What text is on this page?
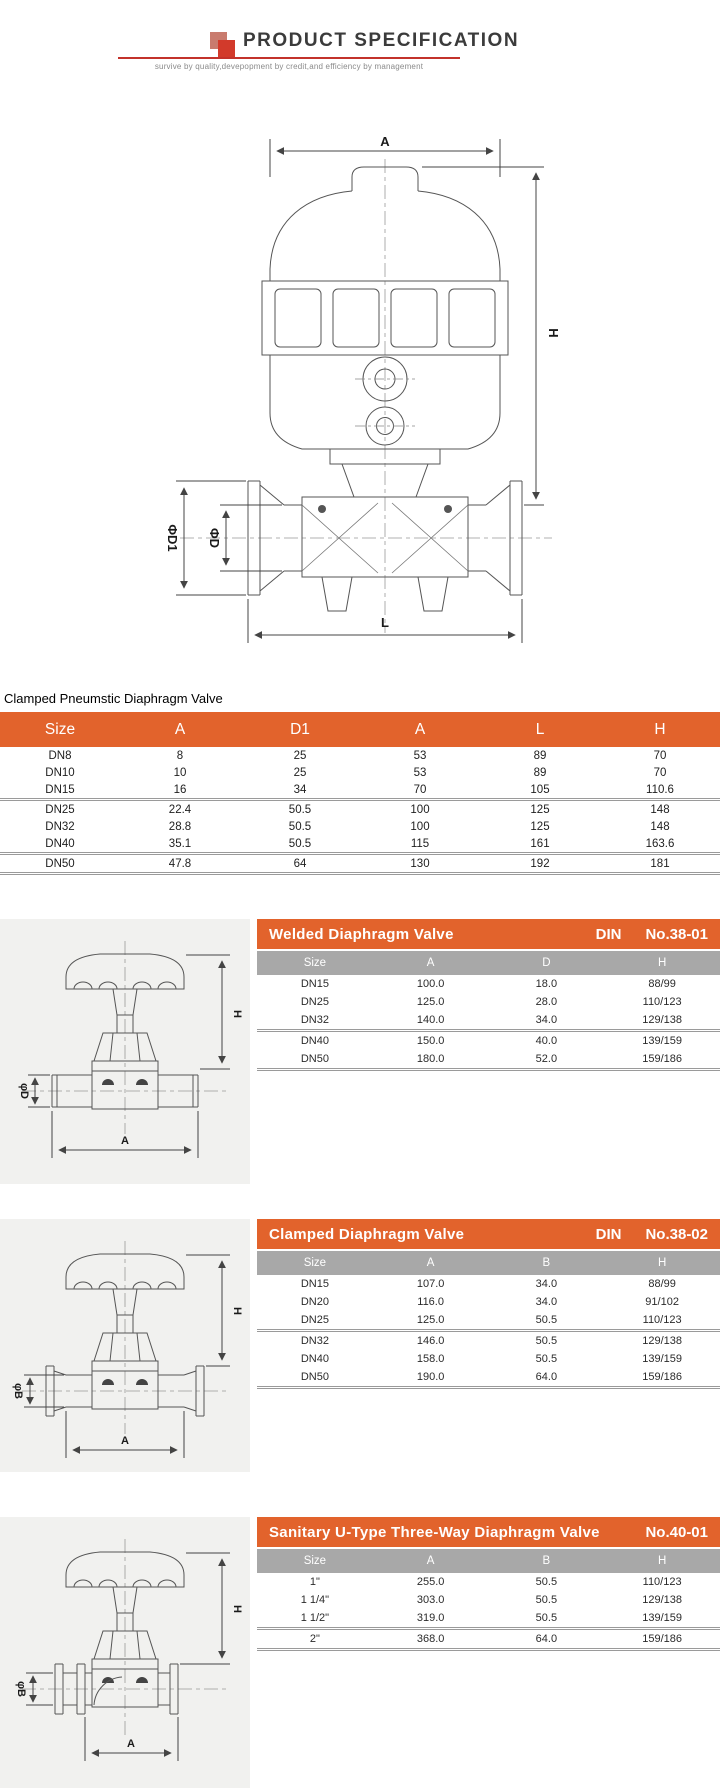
PRODUCT SPECIFICATION
survive by quality,devepopment by credit,and efficiency by management
A
H
ΦD1 ΦD
L
Clamped Pneumstic Diaphragm Valve
Size	A	D1	A	L	H
DN8	8	25	53	89	70
DN10	10	25	53	89	70
DN15	16	34	70	105	110.6
DN25	22.4	50.5	100	125	148
DN32	28.8	50.5	100	125	148
DN40	35.1	50.5	115	161	163.6
DN50	47.8	64	130	192	181
φD
H
A
Welded Diaphragm Valve	DIN No.38-01
Size	A	D	H
DN15	100.0	18.0	88/99
DN25	125.0	28.0	110/123
DN32	140.0	34.0	129/138
DN40	150.0	40.0	139/159
DN50	180.0	52.0	159/186
φB
H
A
Clamped Diaphragm Valve	DIN No.38-02
Size	A	B	H
DN15	107.0	34.0	88/99
DN20	116.0	34.0	91/102
DN25	125.0	50.5	110/123
DN32	146.0	50.5	129/138
DN40	158.0	50.5	139/159
DN50	190.0	64.0	159/186
φB
H
A
Sanitary U-Type Three-Way Diaphragm Valve	No.40-01
Size	A	B	H
1"	255.0	50.5	110/123
1 1/4"	303.0	50.5	129/138
1 1/2"	319.0	50.5	139/159
2"	368.0	64.0	159/186
